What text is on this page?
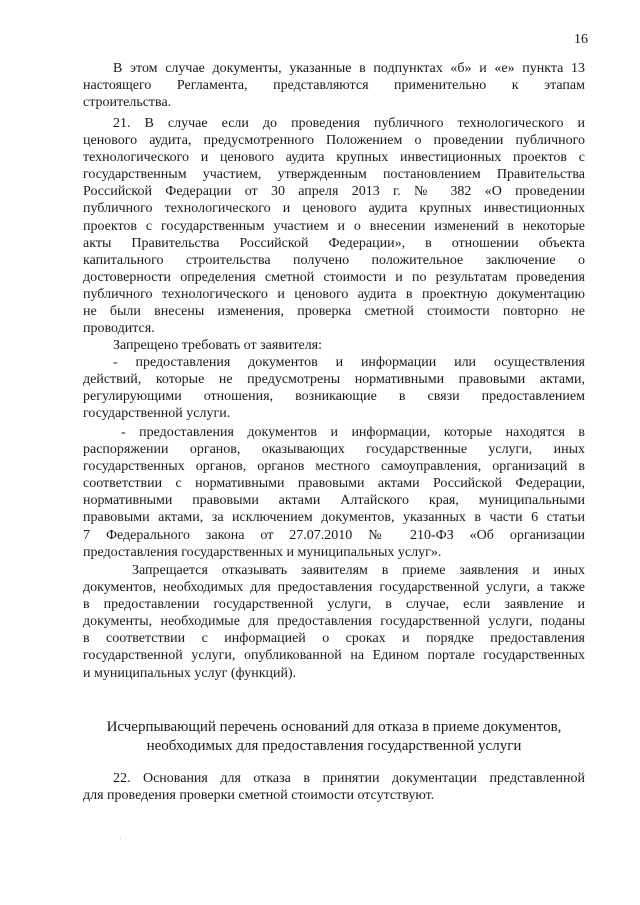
16
В этом случае документы, указанные в подпунктах «б» и «е» пункта 13
настоящего Регламента, представляются применительно к этапам
строительства.
21. В случае если до проведения публичного технологического и
ценового аудита, предусмотренного Положением о проведении публичного
технологического и ценового аудита крупных инвестиционных проектов с
государственным участием, утвержденным постановлением Правительства
Российской Федерации от 30 апреля 2013 г. № 382 «О проведении
публичного технологического и ценового аудита крупных инвестиционных
проектов с государственным участием и о внесении изменений в некоторые
акты Правительства Российской Федерации», в отношении объекта
капитального строительства получено положительное заключение о
достоверности определения сметной стоимости и по результатам проведения
публичного технологического и ценового аудита в проектную документацию
не были внесены изменения, проверка сметной стоимости повторно не
проводится.
Запрещено требовать от заявителя:
- предоставления документов и информации или осуществления
действий, которые не предусмотрены нормативными правовыми актами,
регулирующими отношения, возникающие в связи предоставлением
государственной услуги.
- предоставления документов и информации, которые находятся в
распоряжении органов, оказывающих государственные услуги, иных
государственных органов, органов местного самоуправления, организаций в
соответствии с нормативными правовыми актами Российской Федерации,
нормативными правовыми актами Алтайского края, муниципальными
правовыми актами, за исключением документов, указанных в части 6 статьи
7 Федерального закона от 27.07.2010 № 210-ФЗ «Об организации
предоставления государственных и муниципальных услуг».
Запрещается отказывать заявителям в приеме заявления и иных
документов, необходимых для предоставления государственной услуги, а также
в предоставлении государственной услуги, в случае, если заявление и
документы, необходимые для предоставления государственной услуги, поданы
в соответствии с информацией о сроках и порядке предоставления
государственной услуги, опубликованной на Едином портале государственных
и муниципальных услуг (функций).
Исчерпывающий перечень оснований для отказа в приеме документов,
необходимых для предоставления государственной услуги
22. Основания для отказа в принятии документации представленной
для проведения проверки сметной стоимости отсутствуют.
